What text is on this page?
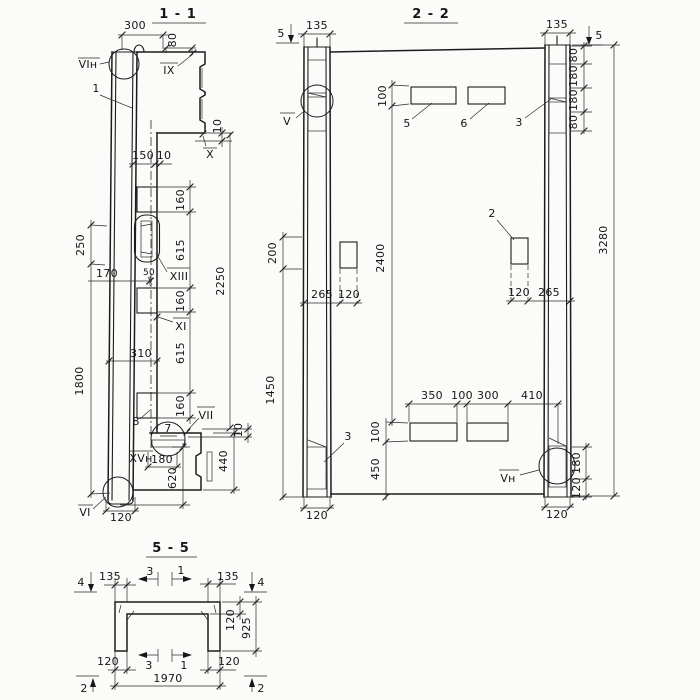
1 - 1
300
80
VIн
1
IX
10
X
150 10
160
615
160
615
160
2250
XIII
250
170	50
310
XI
1800
8
7
VII
10
440
XVн
180
620
VI 120
2 - 2
5
135	135
5
80
180
180
80
3280
100
5	6	3
V
200	2400
2
265 120	120 265
1450	350 100 300 410
100
450
3
Vн
180
120
120	120
5 - 5
4 135 3 1	135 4
120 925
3	1
120
1970
120
2	2
